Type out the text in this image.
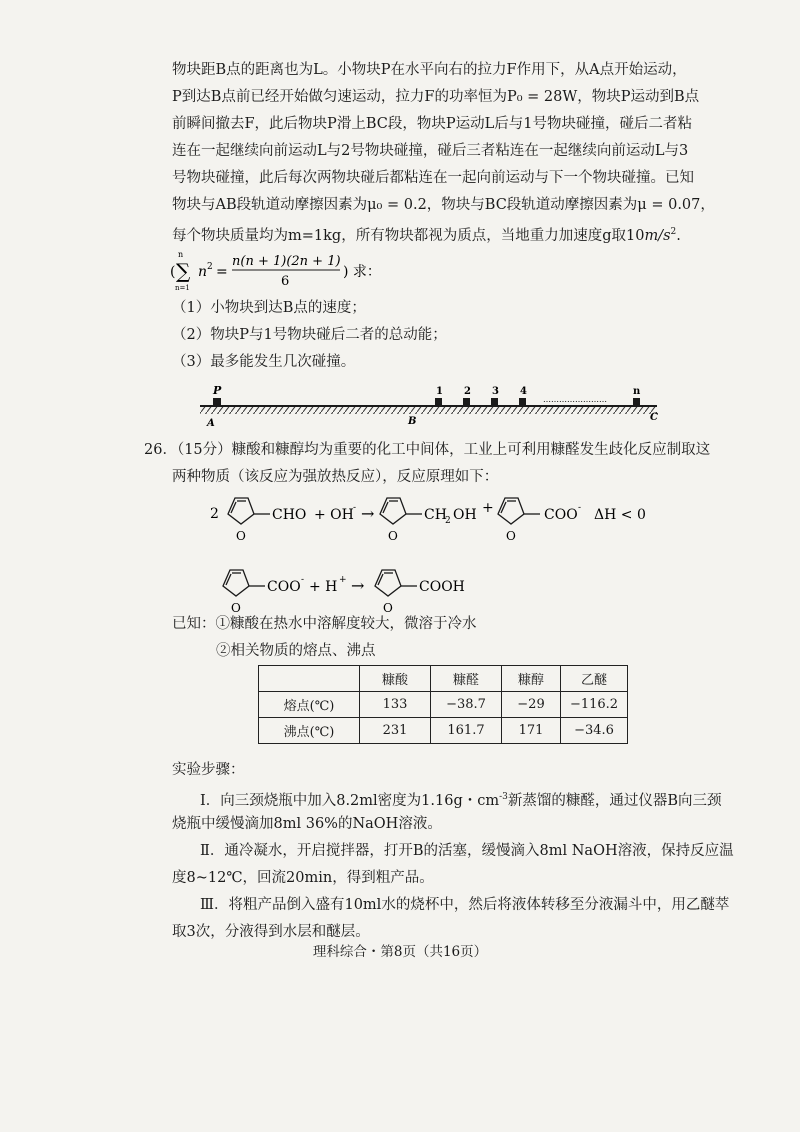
物块距B点的距离也为L。小物块P在水平向右的拉力F作用下，从A点开始运动，
P到达B点前已经开始做匀速运动，拉力F的功率恒为P₀ = 28W，物块P运动到B点
前瞬间撤去F，此后物块P滑上BC段，物块P运动L后与1号物块碰撞，碰后二者粘
连在一起继续向前运动L与2号物块碰撞，碰后三者粘连在一起继续向前运动L与3
号物块碰撞，此后每次两物块碰后都粘连在一起向前运动与下一个物块碰撞。已知
物块与AB段轨道动摩擦因素为μ₀ = 0.2，物块与BC段轨道动摩擦因素为μ = 0.07，
每个物块质量均为m=1kg，所有物块都视为质点，当地重力加速度g取$10m/s^2$.
(
n
∑
n=1
n 2 =
n(n + 1)(2n + 1)
6
) 求：
（1）小物块到达B点的速度；
（2）物块P与1号物块碰后二者的总动能；
（3）最多能发生几次碰撞。
P
A	B	C
1 2 3 4	n
……………………
26．（15分）糠酸和糠醇均为重要的化工中间体，工业上可利用糠醛发生歧化反应制取这
两种物质（该反应为强放热反应），反应原理如下：
2
O
CHO + OH - →
O
CH
2 OH +
O
COO - ΔH < 0
O
COO - + H + →
O
COOH
已知：①糠酸在热水中溶解度较大，微溶于冷水
②相关物质的熔点、沸点
	糠酸	糠醛	糠醇	乙醚
熔点(℃)	133	−38.7	−29	−116.2
沸点(℃)	231	161.7	171	−34.6
实验步骤：
Ⅰ．向三颈烧瓶中加入8.2ml密度为1.16g・$cm^{-3}$新蒸馏的糠醛，通过仪器B向三颈
烧瓶中缓慢滴加8ml 36%的NaOH溶液。
Ⅱ．通冷凝水，开启搅拌器，打开B的活塞，缓慢滴入8ml NaOH溶液，保持反应温
度8~12℃，回流20min，得到粗产品。
Ⅲ．将粗产品倒入盛有10ml水的烧杯中，然后将液体转移至分液漏斗中，用乙醚萃
取3次，分液得到水层和醚层。
理科综合・第8页（共16页）
